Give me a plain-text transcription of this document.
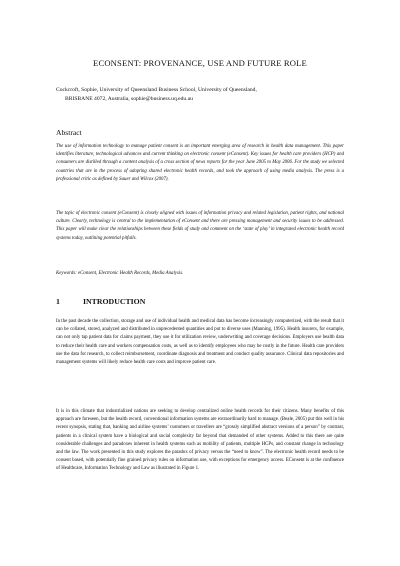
ECONSENT: PROVENANCE, USE AND FUTURE ROLE
Cockcroft, Sophie, University of Queensland Business School, University of Queensland,
BRISBANE 4072, Australia, sophie@business.uq.edu.au
Abstract
The use of information technology to manage patient consent is an important emerging area of research in health data management. This paper identifies literature, technological advances and current thinking on electronic consent (eConsent). Key issues for health care providers (HCP) and consumers are distilled through a content analysis of a cross section of news reports for the year June 2005 to May 2006. For the study we selected countries that are in the process of adopting shared electronic health records, and took the approach of using media analysis. The press is a professional critic as defined by Sauer and Wilcox (2007).
The topic of electronic consent (eConsent) is closely aligned with issues of information privacy and related legislation, patient rights, and national culture. Clearly, technology is central to the implementation of eConsent and there are pressing management and security issues to be addressed. This paper will make clear the relationships between these fields of study and comment on the ‘state of play’ in integrated electronic health record systems today, outlining potential pitfalls.
Keywords: eConsent, Electronic Health Records, Media Analysis.
1	INTRODUCTION
In the past decade the collection, storage and use of individual health and medical data has become increasingly computerized, with the result that it can be collated, stored, analyzed and distributed in unprecedented quantities and put to diverse uses (Manning, 1995). Health insurers, for example, can not only tap patient data for claims payment, they use it for utilization review, underwriting and coverage decisions. Employers use health data to reduce their health care and workers compensation costs, as well as to identify employees who may be costly in the future. Health care providers use the data for research, to collect reimbursement, coordinate diagnosis and treatment and conduct quality assurance. Clinical data repositories and management systems will likely reduce health care costs and improve patient care.
It is in this climate that industrialized nations are seeking to develop centralized online health records for their citizens. Many benefits of this approach are foreseen, but the health record, conventional information systems are extraordinarily hard to manage. (Beale, 2005) put this well in his recent synopsis, stating that, banking and airline systems’ customers or travellers are “grossly simplified abstract versions of a person” by contrast, patients in a clinical system have a biological and social complexity far beyond that demanded of other systems. Added to this there are quite considerable challenges and paradoxes inherent in health systems such as mobility of patients, multiple HCPs, and constant change in technology and the law. The work presented in this study explores the paradox of privacy versus the “need to know”. The electronic health record needs to be consent based, with potentially fine grained privacy rules on information use, with exceptions for emergency access. EConsent is at the confluence of Healthcare, Information Technology and Law as illustrated in Figure 1.
